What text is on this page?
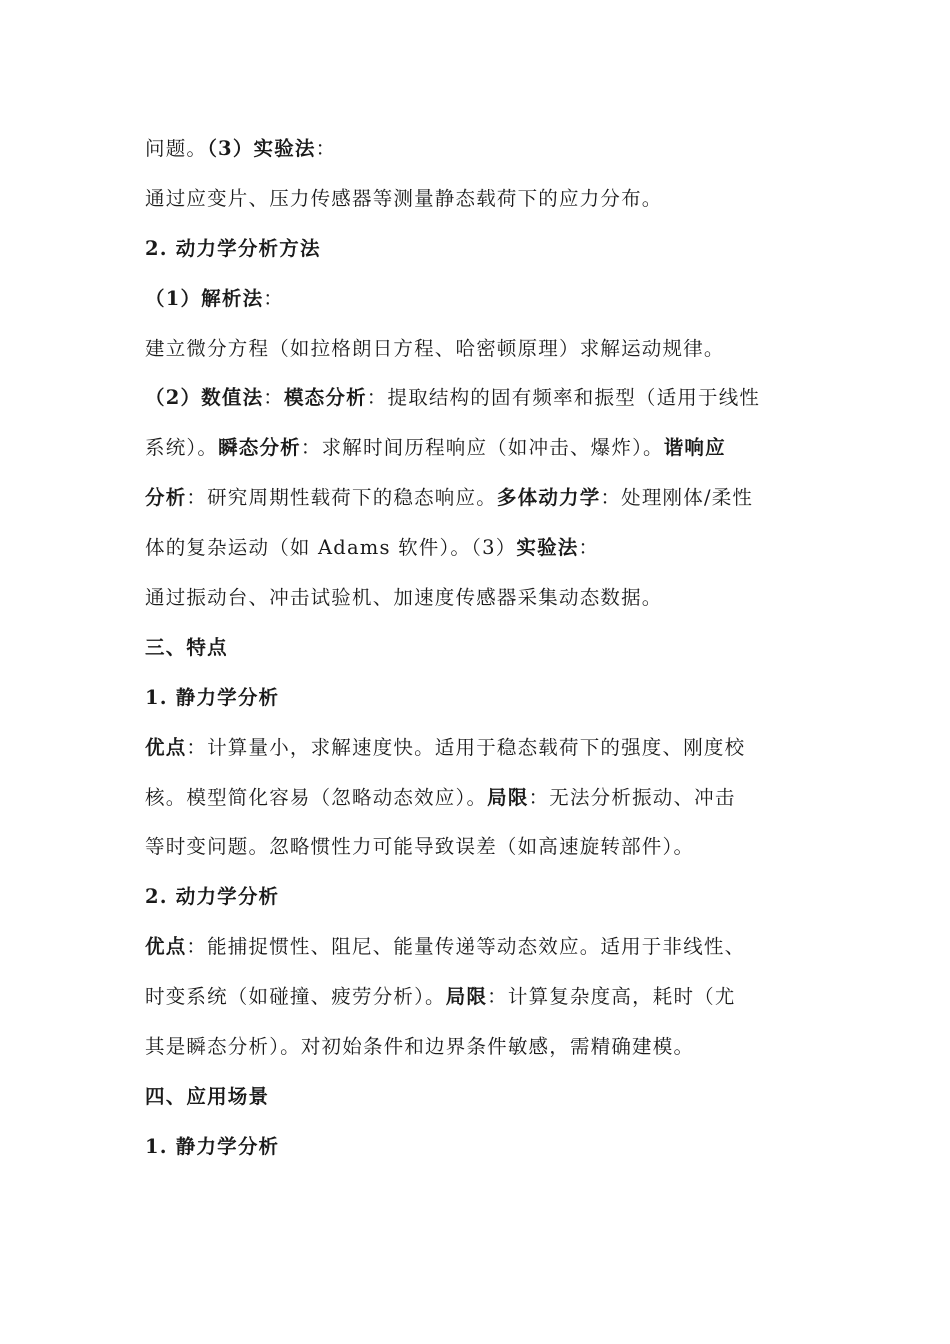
问题。（3）实验法：
通过应变片、压力传感器等测量静态载荷下的应力分布。
2. 动力学分析方法
（1）解析法：
建立微分方程（如拉格朗日方程、哈密顿原理）求解运动规律。
（2）数值法：模态分析：提取结构的固有频率和振型（适用于线性
系统）。瞬态分析：求解时间历程响应（如冲击、爆炸）。谐响应
分析：研究周期性载荷下的稳态响应。多体动力学：处理刚体/柔性
体的复杂运动（如 Adams 软件）。（3）实验法：
通过振动台、冲击试验机、加速度传感器采集动态数据。
三、特点
1. 静力学分析
优点：计算量小，求解速度快。适用于稳态载荷下的强度、刚度校
核。模型简化容易（忽略动态效应）。局限：无法分析振动、冲击
等时变问题。忽略惯性力可能导致误差（如高速旋转部件）。
2. 动力学分析
优点：能捕捉惯性、阻尼、能量传递等动态效应。适用于非线性、
时变系统（如碰撞、疲劳分析）。局限：计算复杂度高，耗时（尤
其是瞬态分析）。对初始条件和边界条件敏感，需精确建模。
四、应用场景
1. 静力学分析
